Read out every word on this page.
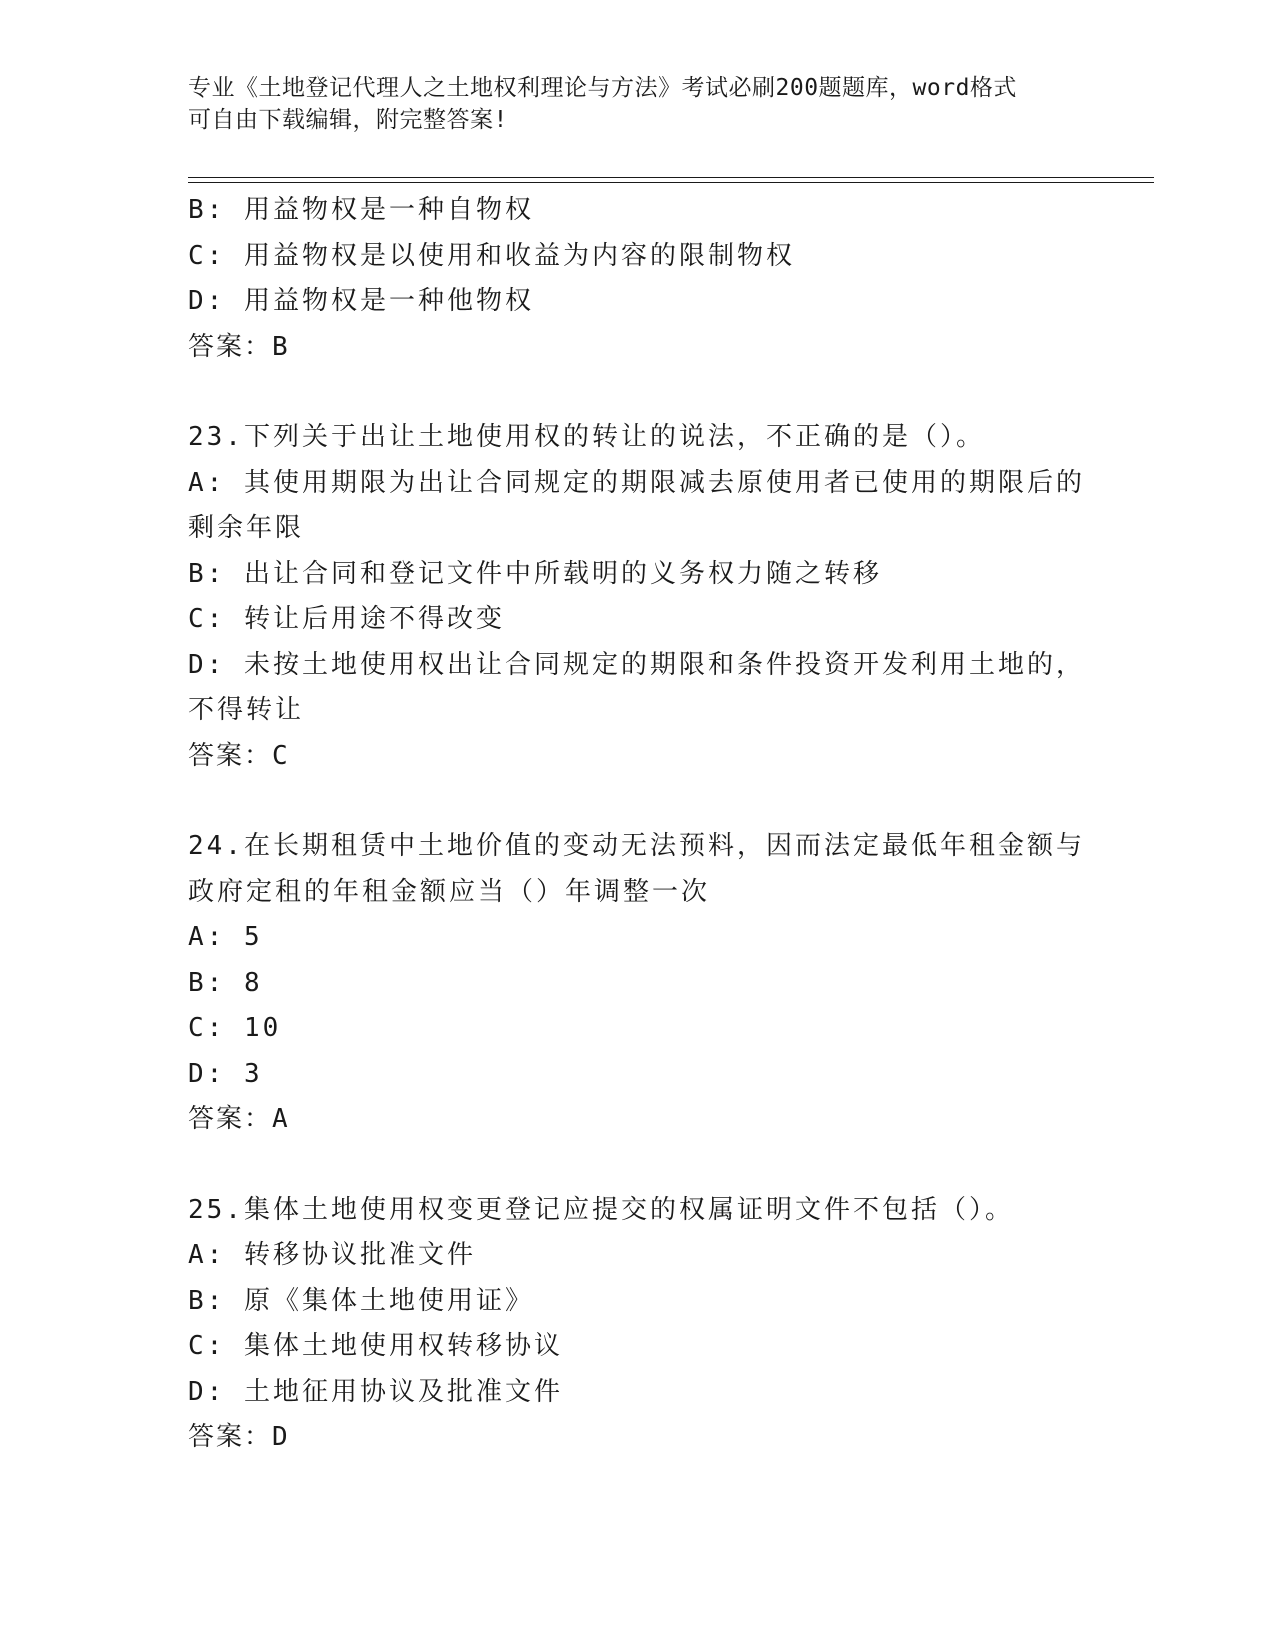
专业《土地登记代理人之土地权利理论与方法》考试必刷200题题库，word格式
可自由下载编辑，附完整答案!
B: 用益物权是一种自物权
C: 用益物权是以使用和收益为内容的限制物权
D: 用益物权是一种他物权
答案：B
23.下列关于出让土地使用权的转让的说法，不正确的是（）。
A: 其使用期限为出让合同规定的期限减去原使用者已使用的期限后的
剩余年限
B: 出让合同和登记文件中所载明的义务权力随之转移
C: 转让后用途不得改变
D: 未按土地使用权出让合同规定的期限和条件投资开发利用土地的，
不得转让
答案：C
24.在长期租赁中土地价值的变动无法预料，因而法定最低年租金额与
政府定租的年租金额应当（）年调整一次
A: 5
B: 8
C: 10
D: 3
答案：A
25.集体土地使用权变更登记应提交的权属证明文件不包括（）。
A: 转移协议批准文件
B: 原《集体土地使用证》
C: 集体土地使用权转移协议
D: 土地征用协议及批准文件
答案：D
